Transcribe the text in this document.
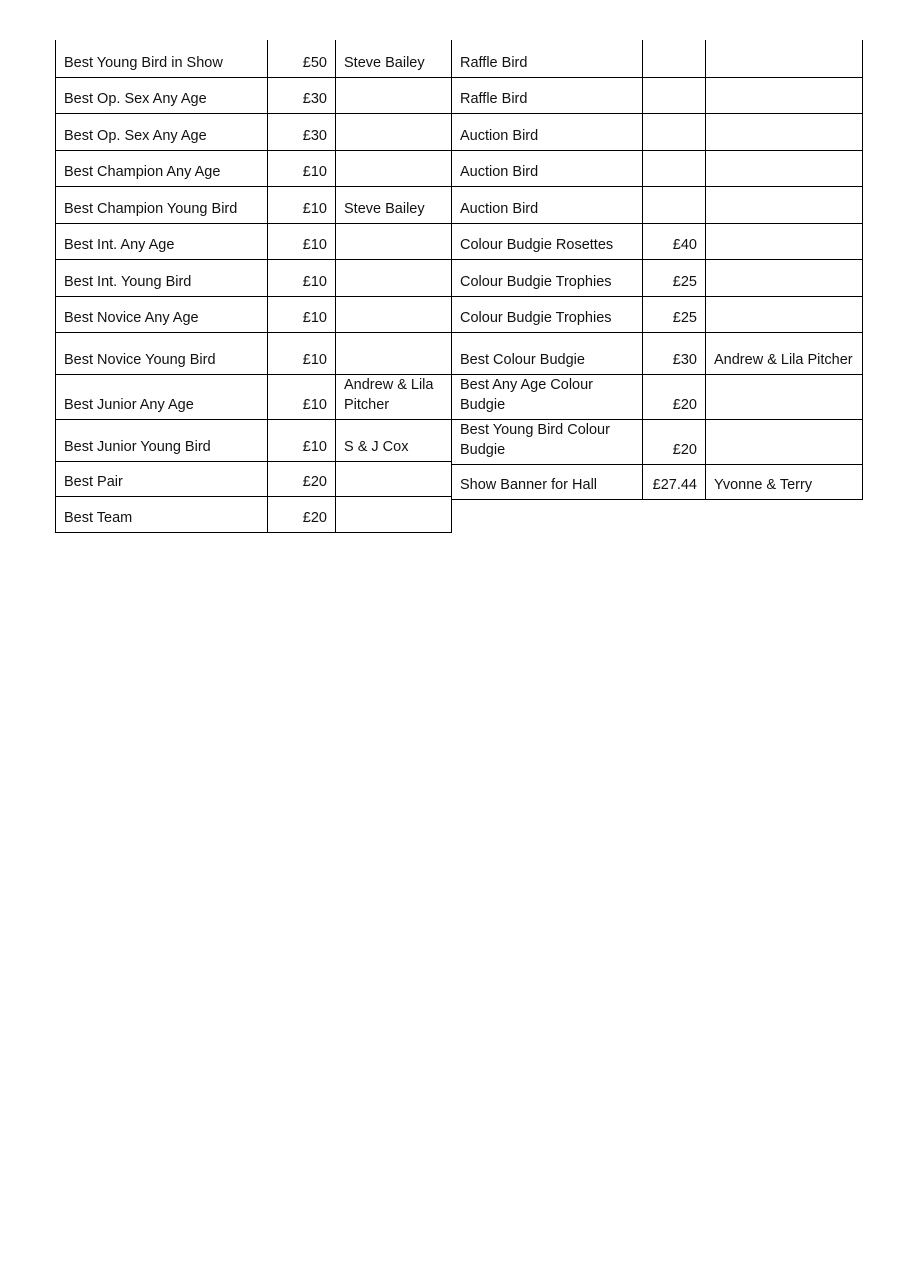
Best Young Bird in Show	£50	Steve Bailey
Best Op. Sex Any Age	£30	
Best Op. Sex Any Age	£30	
Best Champion Any Age	£10	
Best Champion Young Bird	£10	Steve Bailey
Best Int. Any Age	£10	
Best Int. Young Bird	£10	
Best Novice Any Age	£10	
Best Novice Young Bird	£10	
Best Junior Any Age	£10	Andrew & Lila Pitcher
Best Junior Young Bird	£10	S & J Cox
Best Pair	£20	
Best Team	£20	
Raffle Bird		
Raffle Bird		
Auction Bird		
Auction Bird		
Auction Bird		
Colour Budgie Rosettes	£40	
Colour Budgie Trophies	£25	
Colour Budgie Trophies	£25	
Best Colour Budgie	£30	Andrew & Lila Pitcher
Best Any Age Colour Budgie	£20	
Best Young Bird Colour Budgie	£20	
Show Banner for Hall	£27.44	Yvonne & Terry
